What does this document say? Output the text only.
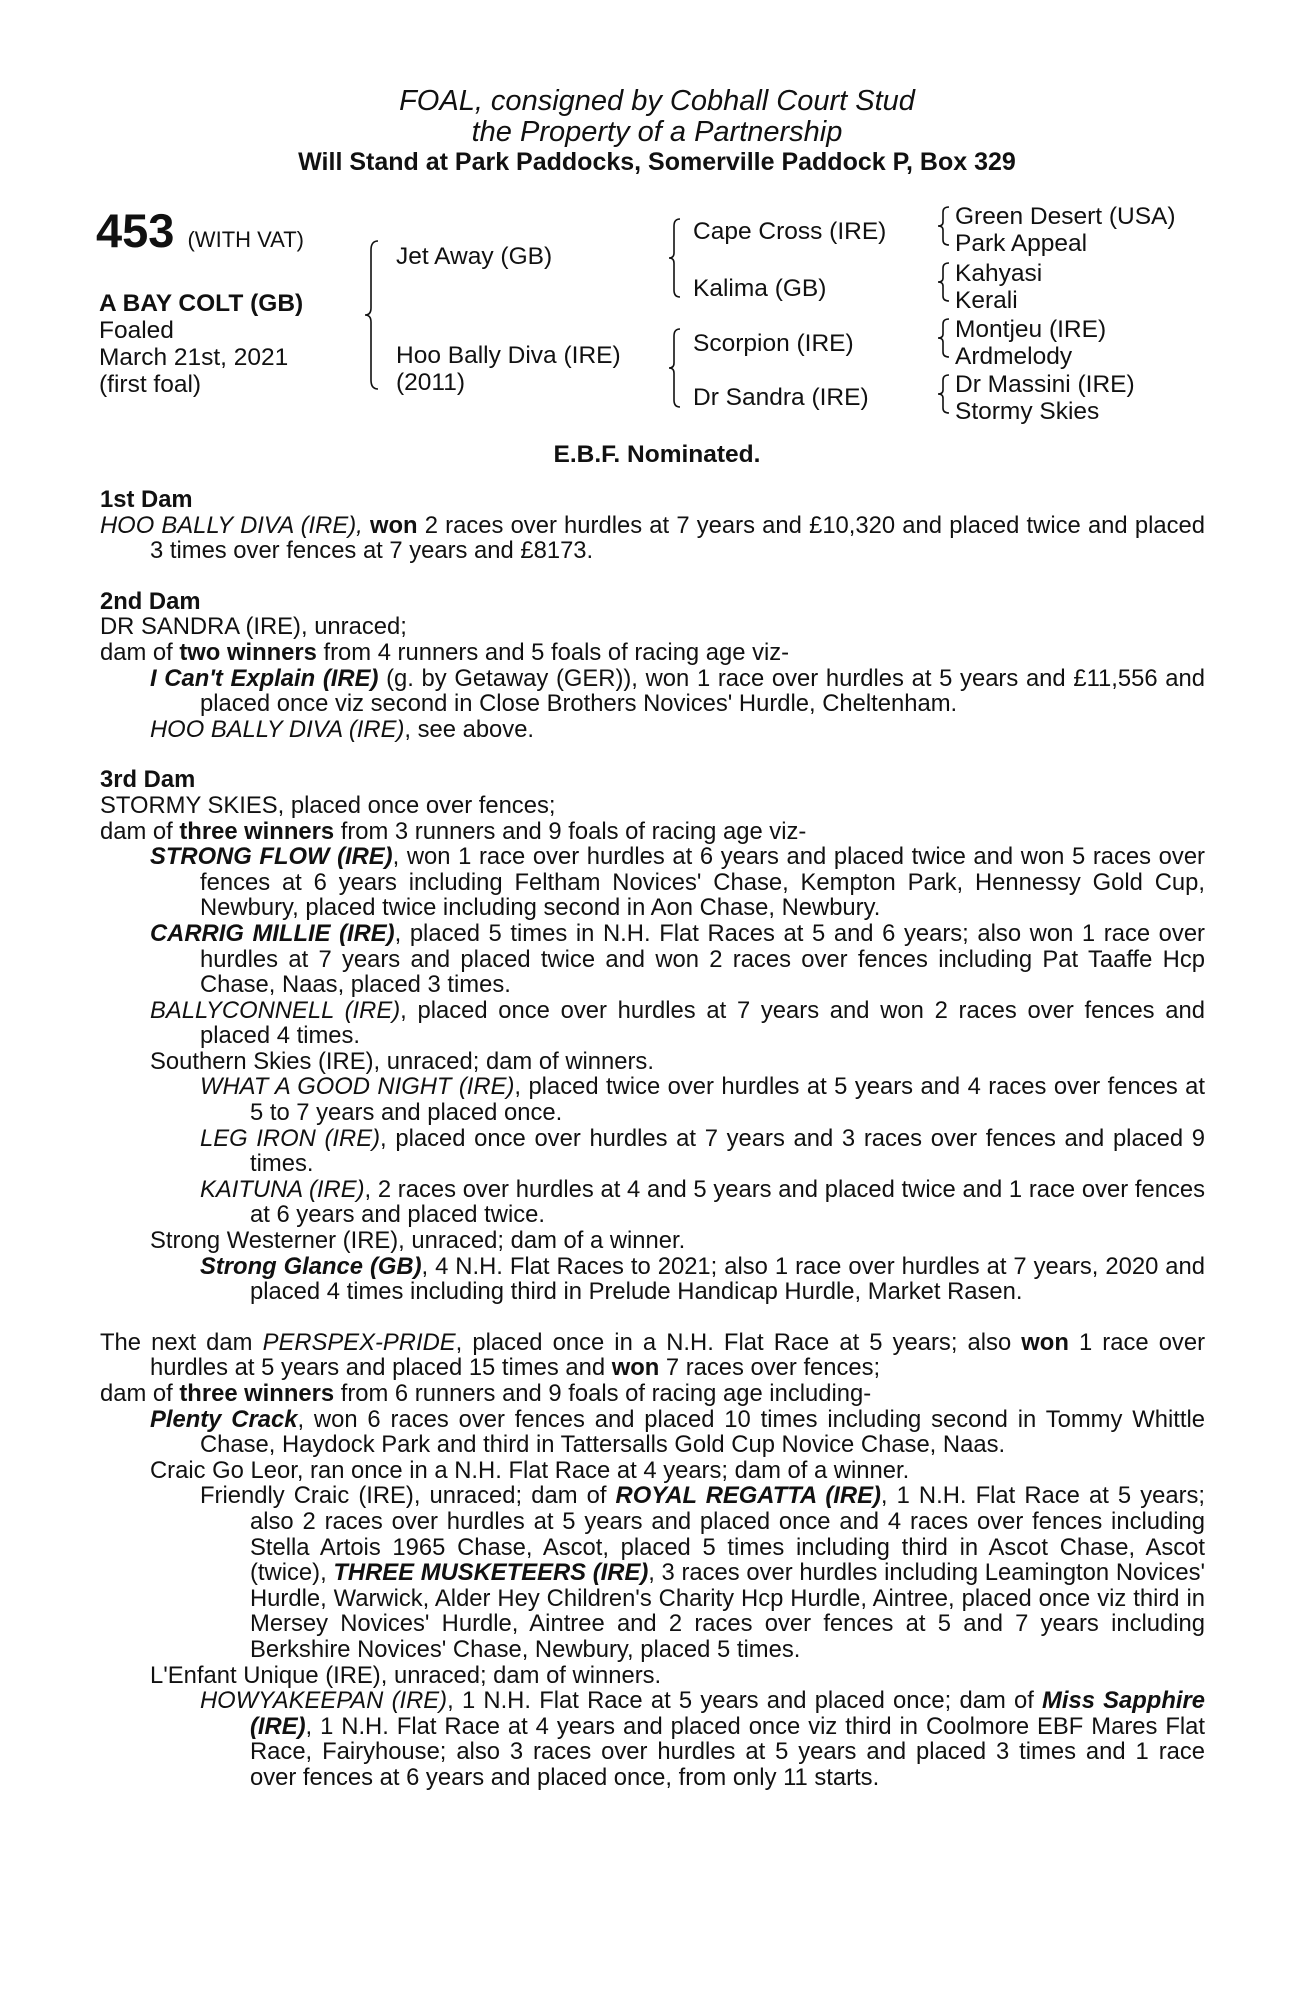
FOAL, consigned by Cobhall Court Stud
the Property of a Partnership
Will Stand at Park Paddocks, Somerville Paddock P, Box 329
453 (WITH VAT)
A BAY COLT (GB)
Foaled
March 21st, 2021
(first foal)
Jet Away (GB)
Hoo Bally Diva (IRE)
(2011)
Cape Cross (IRE)
Kalima (GB)
Scorpion (IRE)
Dr Sandra (IRE)
Green Desert (USA)
Park Appeal
Kahyasi
Kerali
Montjeu (IRE)
Ardmelody
Dr Massini (IRE)
Stormy Skies
E.B.F. Nominated.

1st Dam

HOO BALLY DIVA (IRE), won 2 races over hurdles at 7 years and £10,320 and placed twice and placed 3 times over fences at 7 years and £8173.

2nd Dam

DR SANDRA (IRE), unraced;

dam of two winners from 4 runners and 5 foals of racing age viz-

I Can't Explain (IRE) (g. by Getaway (GER)), won 1 race over hurdles at 5 years and £11,556 and placed once viz second in Close Brothers Novices' Hurdle, Cheltenham.

HOO BALLY DIVA (IRE), see above.

3rd Dam

STORMY SKIES, placed once over fences;

dam of three winners from 3 runners and 9 foals of racing age viz-

STRONG FLOW (IRE), won 1 race over hurdles at 6 years and placed twice and won 5 races over fences at 6 years including Feltham Novices' Chase, Kempton Park, Hennessy Gold Cup, Newbury, placed twice including second in Aon Chase, Newbury.

CARRIG MILLIE (IRE), placed 5 times in N.H. Flat Races at 5 and 6 years; also won 1 race over hurdles at 7 years and placed twice and won 2 races over fences including Pat Taaffe Hcp Chase, Naas, placed 3 times.

BALLYCONNELL (IRE), placed once over hurdles at 7 years and won 2 races over fences and placed 4 times.

Southern Skies (IRE), unraced; dam of winners.

WHAT A GOOD NIGHT (IRE), placed twice over hurdles at 5 years and 4 races over fences at 5 to 7 years and placed once.

LEG IRON (IRE), placed once over hurdles at 7 years and 3 races over fences and placed 9 times.

KAITUNA (IRE), 2 races over hurdles at 4 and 5 years and placed twice and 1 race over fences at 6 years and placed twice.

Strong Westerner (IRE), unraced; dam of a winner.

Strong Glance (GB), 4 N.H. Flat Races to 2021; also 1 race over hurdles at 7 years, 2020 and placed 4 times including third in Prelude Handicap Hurdle, Market Rasen.

The next dam PERSPEX-PRIDE, placed once in a N.H. Flat Race at 5 years; also won 1 race over hurdles at 5 years and placed 15 times and won 7 races over fences;

dam of three winners from 6 runners and 9 foals of racing age including-

Plenty Crack, won 6 races over fences and placed 10 times including second in Tommy Whittle Chase, Haydock Park and third in Tattersalls Gold Cup Novice Chase, Naas.

Craic Go Leor, ran once in a N.H. Flat Race at 4 years; dam of a winner.

Friendly Craic (IRE), unraced; dam of ROYAL REGATTA (IRE), 1 N.H. Flat Race at 5 years; also 2 races over hurdles at 5 years and placed once and 4 races over fences including Stella Artois 1965 Chase, Ascot, placed 5 times including third in Ascot Chase, Ascot (twice), THREE MUSKETEERS (IRE), 3 races over hurdles including Leamington Novices' Hurdle, Warwick, Alder Hey Children's Charity Hcp Hurdle, Aintree, placed once viz third in Mersey Novices' Hurdle, Aintree and 2 races over fences at 5 and 7 years including Berkshire Novices' Chase, Newbury, placed 5 times.

L'Enfant Unique (IRE), unraced; dam of winners.

HOWYAKEEPAN (IRE), 1 N.H. Flat Race at 5 years and placed once; dam of Miss Sapphire (IRE), 1 N.H. Flat Race at 4 years and placed once viz third in Coolmore EBF Mares Flat Race, Fairyhouse; also 3 races over hurdles at 5 years and placed 3 times and 1 race over fences at 6 years and placed once, from only 11 starts.
